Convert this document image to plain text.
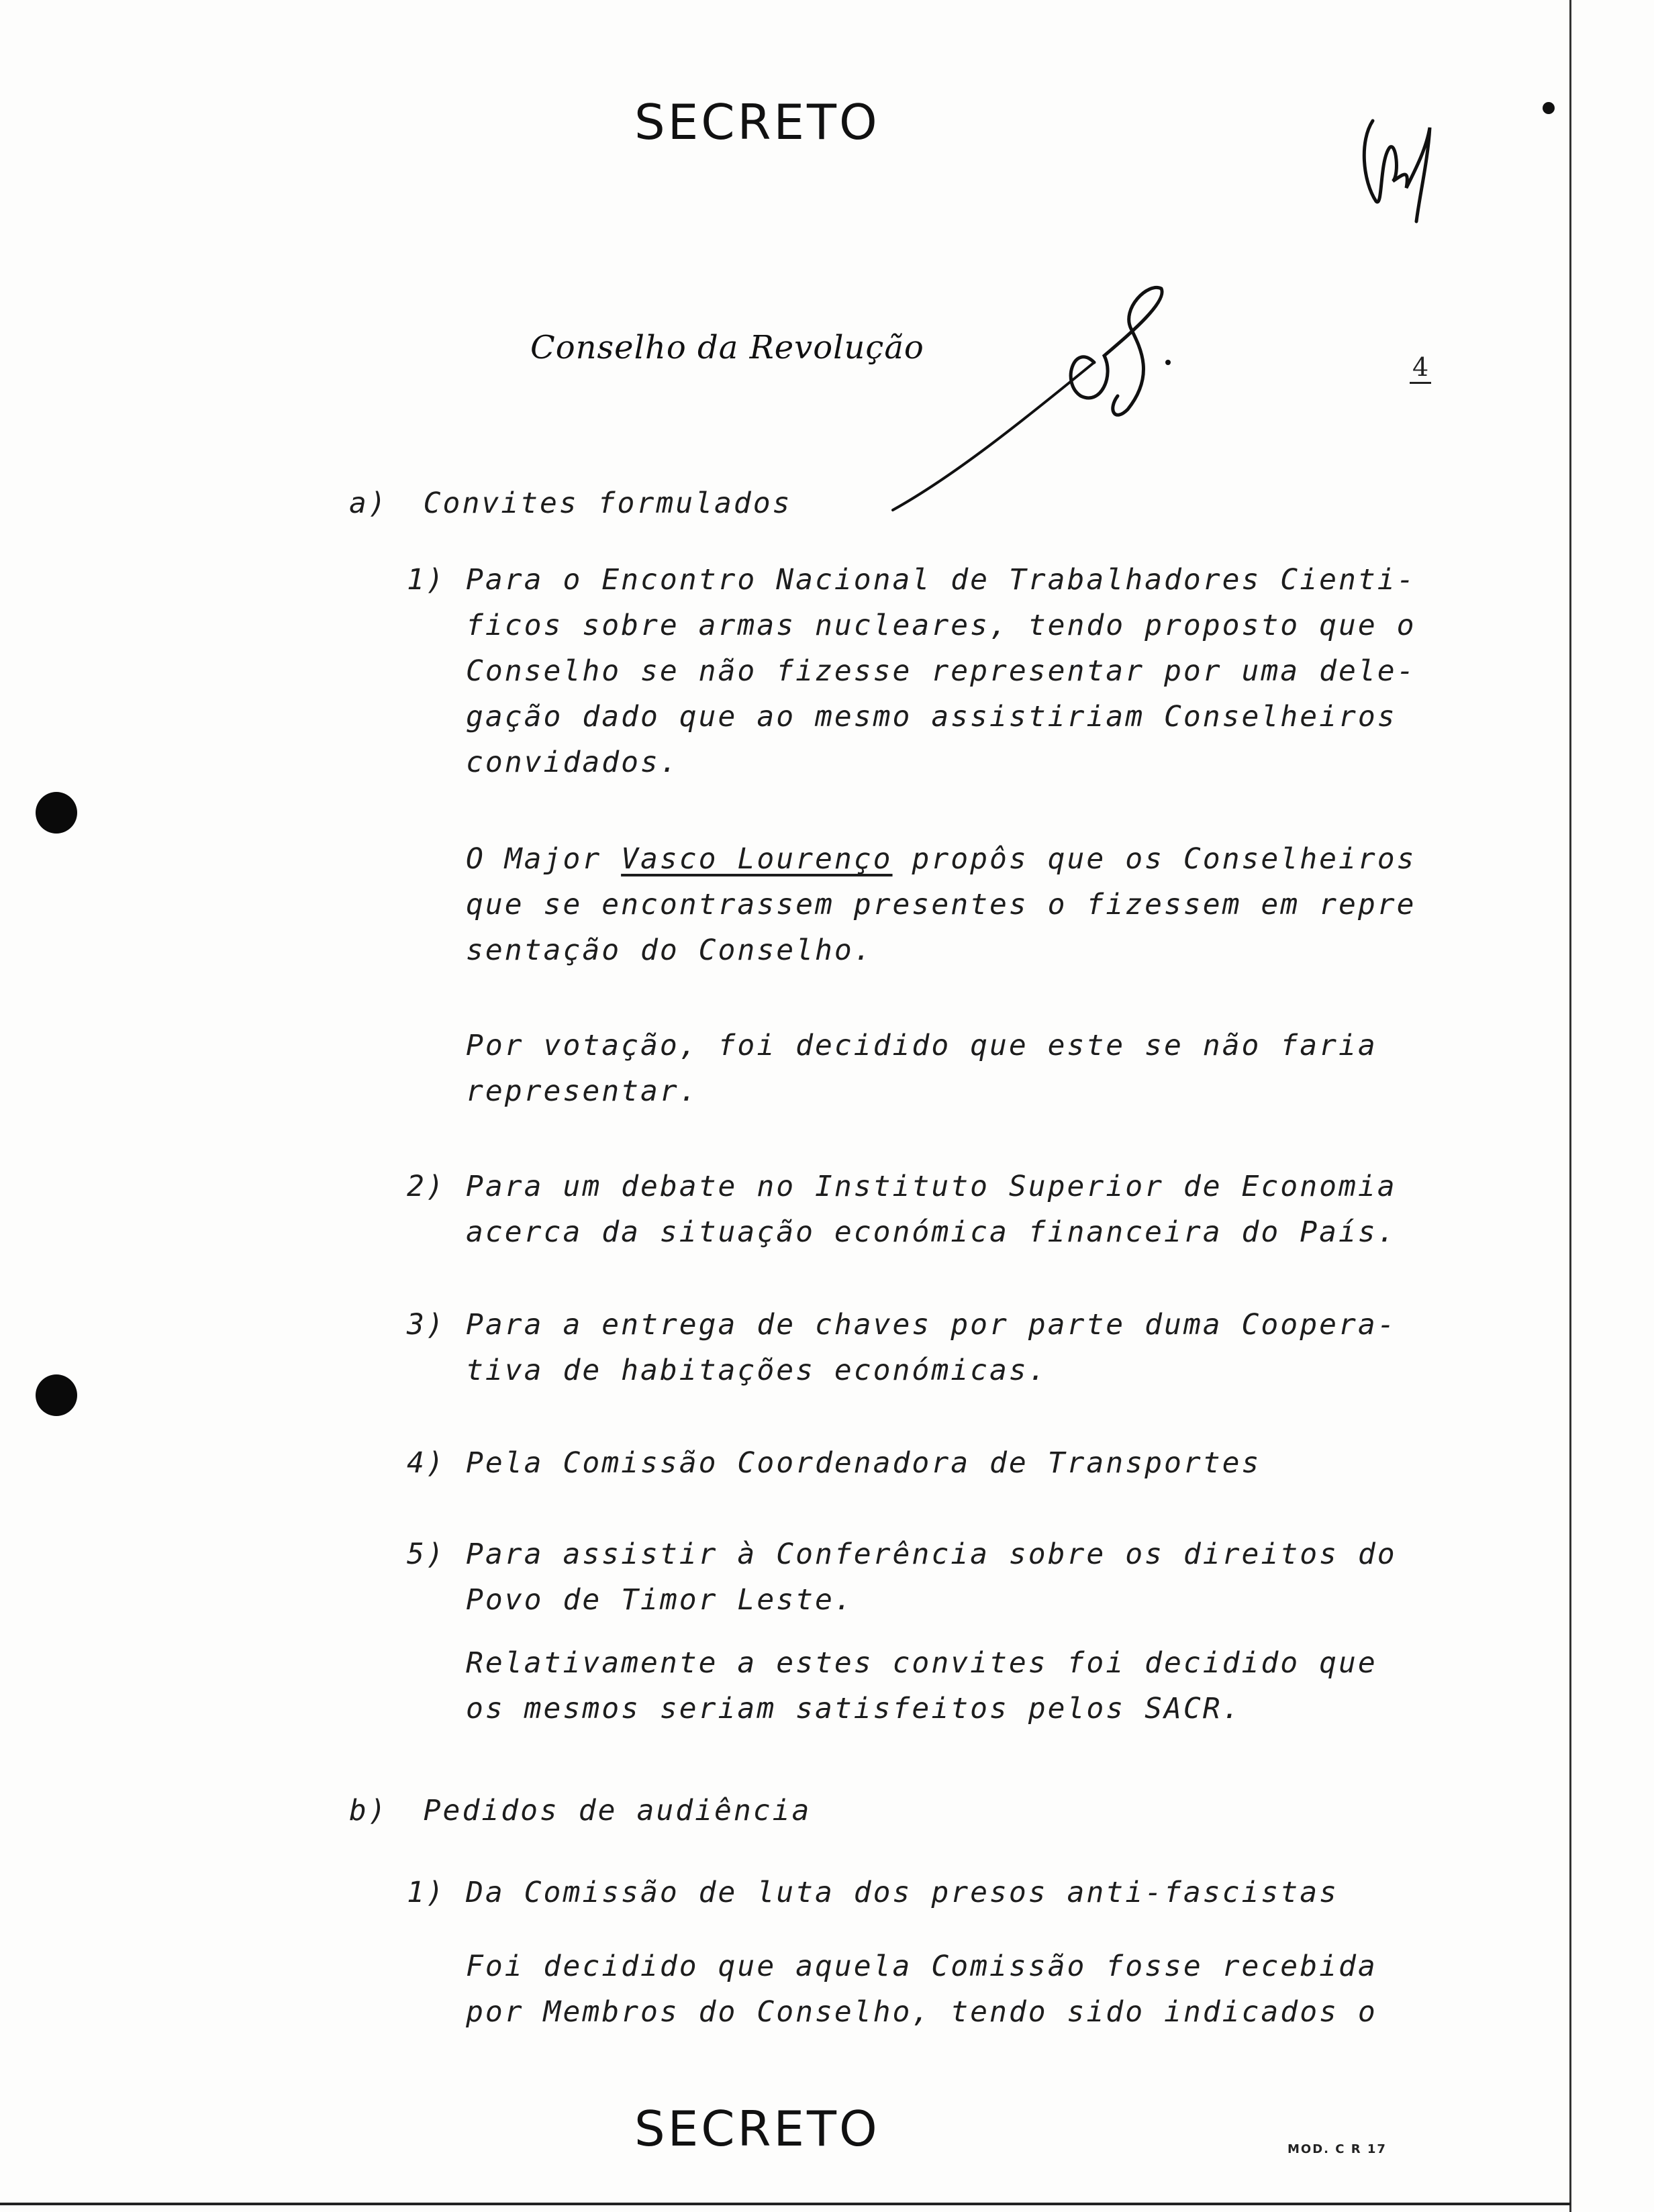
SECRETO
Conselho da Revolução
4
a) Convites formulados
1) Para o Encontro Nacional de Trabalhadores Cienti-
ficos sobre armas nucleares, tendo proposto que o
Conselho se não fizesse representar por uma dele-
gação dado que ao mesmo assistiriam Conselheiros
convidados.
O Major Vasco Lourenço propôs que os Conselheiros
que se encontrassem presentes o fizessem em repre
sentação do Conselho.
Por votação, foi decidido que este se não faria
representar.
2) Para um debate no Instituto Superior de Economia
acerca da situação económica financeira do País.
3) Para a entrega de chaves por parte duma Coopera-
tiva de habitações económicas.
4) Pela Comissão Coordenadora de Transportes
5) Para assistir à Conferência sobre os direitos do
Povo de Timor Leste.
Relativamente a estes convites foi decidido que
os mesmos seriam satisfeitos pelos SACR.
b) Pedidos de audiência
1) Da Comissão de luta dos presos anti-fascistas
Foi decidido que aquela Comissão fosse recebida
por Membros do Conselho, tendo sido indicados o
SECRETO	MOD. C R 17
